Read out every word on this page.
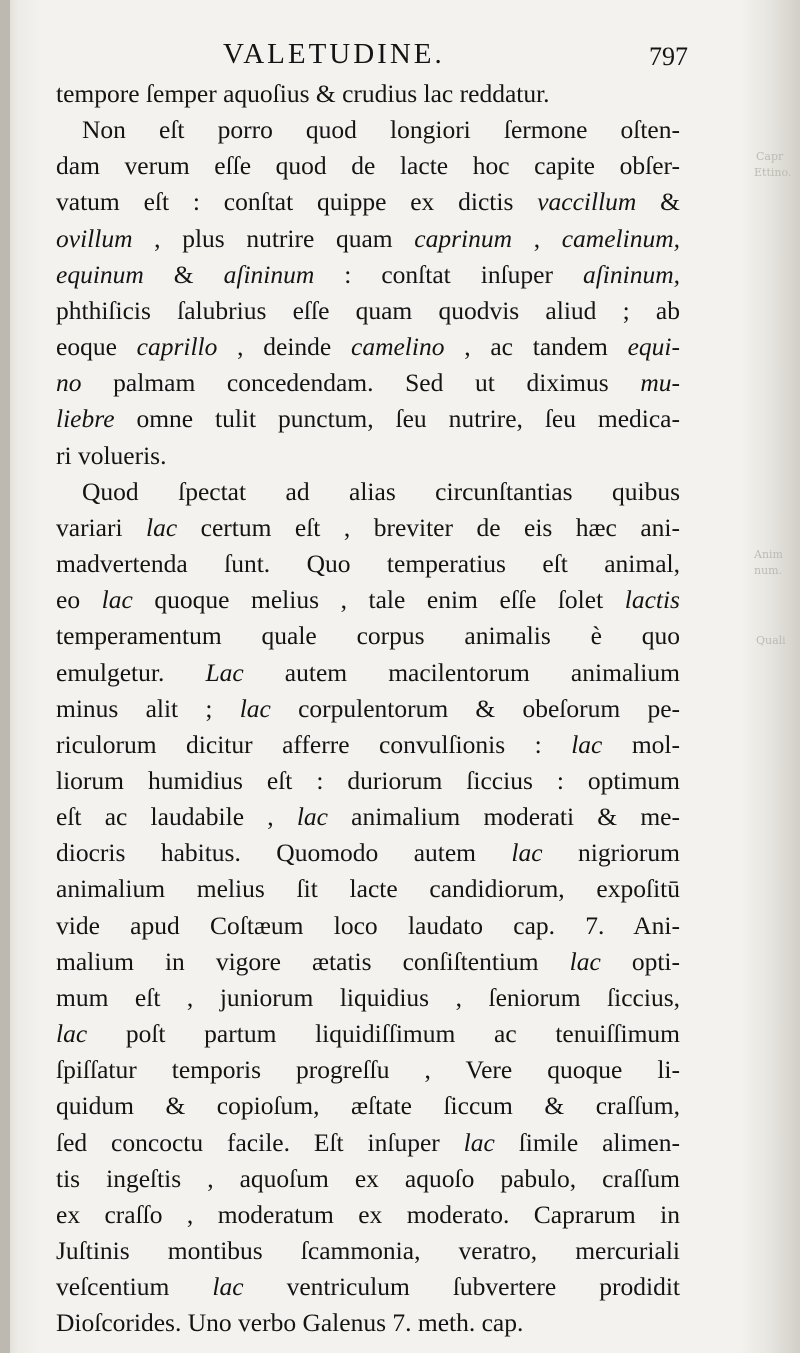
VALETUDINE.	797
Capr
Ettino.
Anim
num.
Quali
tempore ſemper aquoſius & crudius lac reddatur.
Non eſt porro quod longiori ſermone oſten-
dam verum eſſe quod de lacte hoc capite obſer-
vatum eſt : conſtat quippe ex dictis vaccillum &
ovillum , plus nutrire quam caprinum , camelinum,
equinum & aſininum : conſtat inſuper aſininum,
phthiſicis ſalubrius eſſe quam quodvis aliud ; ab
eoque caprillo , deinde camelino , ac tandem equi-
no palmam concedendam. Sed ut diximus mu-
liebre omne tulit punctum, ſeu nutrire, ſeu medica-
ri volueris.
Quod ſpectat ad alias circunſtantias quibus
variari lac certum eſt , breviter de eis hæc ani-
madvertenda ſunt. Quo temperatius eſt animal,
eo lac quoque melius , tale enim eſſe ſolet lactis
temperamentum quale corpus animalis è quo
emulgetur. Lac autem macilentorum animalium
minus alit ; lac corpulentorum & obeſorum pe-
riculorum dicitur afferre convulſionis : lac mol-
liorum humidius eſt : duriorum ſiccius : optimum
eſt ac laudabile , lac animalium moderati & me-
diocris habitus. Quomodo autem lac nigriorum
animalium melius ſit lacte candidiorum, expoſitū
vide apud Coſtæum loco laudato cap. 7. Ani-
malium in vigore ætatis conſiſtentium lac opti-
mum eſt , juniorum liquidius , ſeniorum ſiccius,
lac poſt partum liquidiſſimum ac tenuiſſimum
ſpiſſatur temporis progreſſu , Vere quoque li-
quidum & copioſum, æſtate ſiccum & craſſum,
ſed concoctu facile. Eſt inſuper lac ſimile alimen-
tis ingeſtis , aquoſum ex aquoſo pabulo, craſſum
ex craſſo , moderatum ex moderato. Caprarum in
Juſtinis montibus ſcammonia, veratro, mercuriali
veſcentium lac ventriculum ſubvertere prodidit
Dioſcorides. Uno verbo Galenus 7. meth. cap.
